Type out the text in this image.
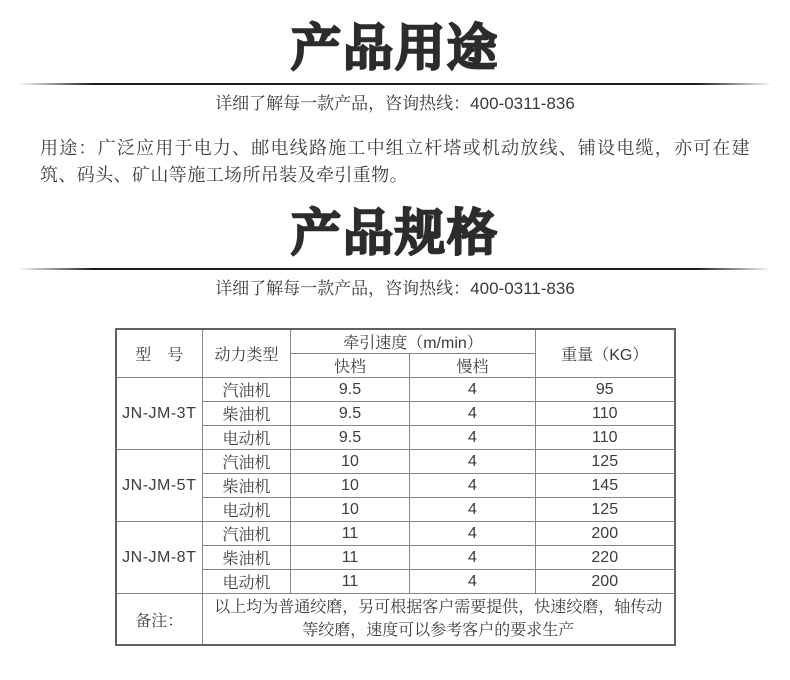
产品用途

详细了解每一款产品，咨询热线：400-0311-836

用途：广泛应用于电力、邮电线路施工中组立杆塔或机动放线、铺设电缆，亦可在建筑、码头、矿山等施工场所吊装及牵引重物。

产品规格

详细了解每一款产品，咨询热线：400-0311-836

型　号	动力类型	牵引速度（m/min）		重量（KG）
		快档	慢档	
JN-JM-3T	汽油机	9.5	4	95
	柴油机	9.5	4	110
	电动机	9.5	4	110
JN-JM-5T	汽油机	10	4	125
	柴油机	10	4	145
	电动机	10	4	125
JN-JM-8T	汽油机	11	4	200
	柴油机	11	4	220
	电动机	11	4	200
备注：	以上均为普通绞磨，另可根据客户需要提供，快速绞磨，轴传动
等绞磨，速度可以参考客户的要求生产			
